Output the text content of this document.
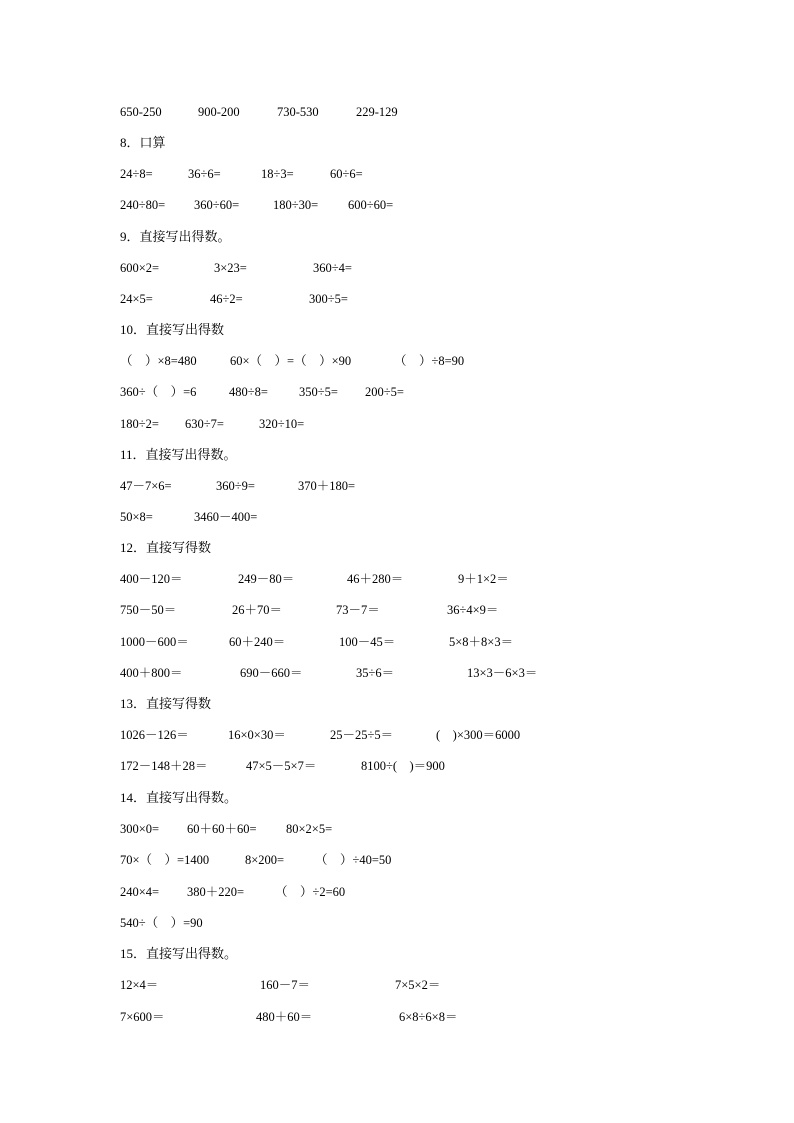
650-250	900-200	730-530	229-129
8．口算
24÷8=	36÷6=	18÷3=	60÷6=
240÷80= 360÷60=	180÷30= 600÷60=
9．直接写出得数。
600×2=	3×23=	360÷4=
24×5=	46÷2=	300÷5=
10．直接写出得数
（　）×8=480	60×（　）=（　）×90	（　）÷8=90
360÷（　）=6	480÷8= 350÷5= 200÷5=
180÷2= 630÷7=	320÷10=
11．直接写出得数。
47－7×6=	360÷9=	370＋180=
50×8=	3460－400=
12．直接写得数
400－120＝	249－80＝	46＋280＝	9＋1×2＝
750－50＝	26＋70＝	73－7＝	36÷4×9＝
1000－600＝	60＋240＝	100－45＝	5×8＋8×3＝
400＋800＝	690－660＝	35÷6＝	13×3－6×3＝
13．直接写得数
1026－126＝	16×0×30＝	25－25÷5＝	(　)×300＝6000
172－148＋28＝	47×5－5×7＝	8100÷(　)＝900
14．直接写出得数。
300×0= 60＋60＋60= 80×2×5=
70×（　）=1400	8×200= （　）÷40=50
240×4= 380＋220= （　）÷2=60
540÷（　）=90
15．直接写出得数。
12×4＝	160－7＝	7×5×2＝
7×600＝	480＋60＝	6×8÷6×8＝
